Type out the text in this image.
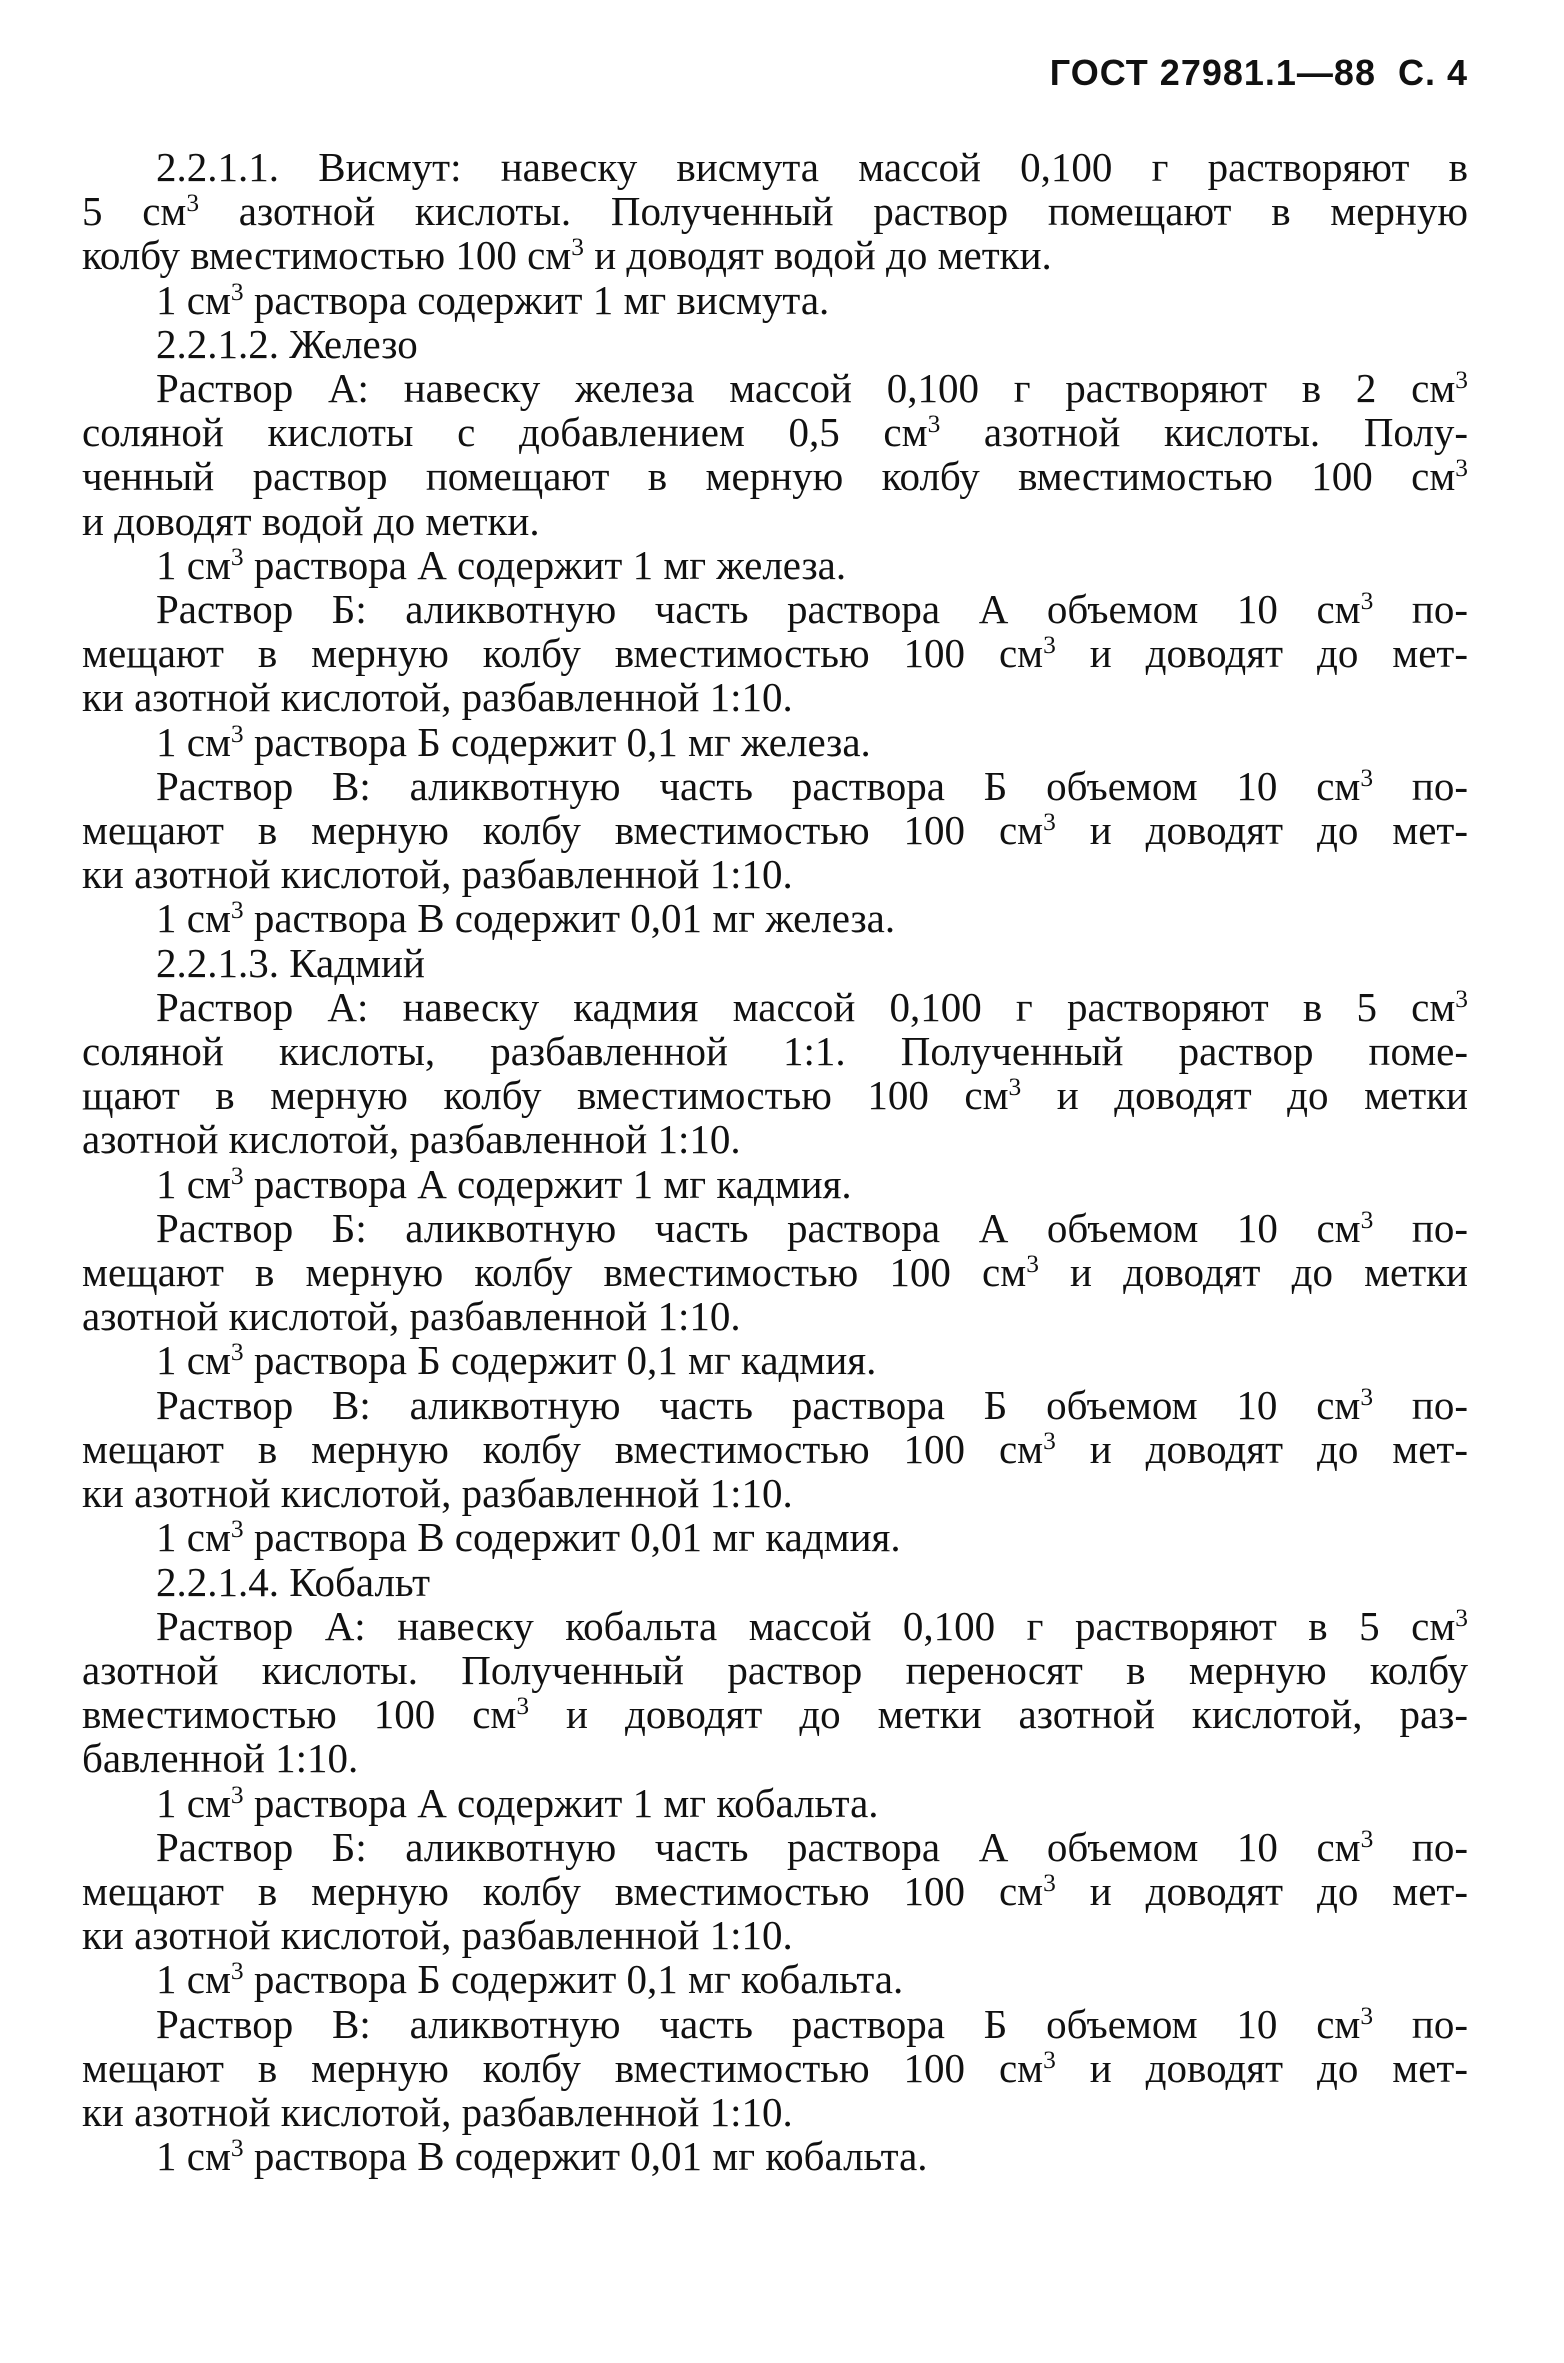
ГОСТ 27981.1—88 С. 4
2.2.1.1. Висмут: навеску висмута массой 0,100 г растворяют в
5 $см^3$ азотной кислоты. Полученный раствор помещают в мерную
колбу вместимостью 100 $см^3$ и доводят водой до метки.
1 $см^3$ раствора содержит 1 мг висмута.
2.2.1.2. Железо
Раствор А: навеску железа массой 0,100 г растворяют в 2 $см^3$
соляной кислоты с добавлением 0,5 $см^3$ азотной кислоты. Полу-
ченный раствор помещают в мерную колбу вместимостью 100 $см^3$
и доводят водой до метки.
1 $см^3$ раствора А содержит 1 мг железа.
Раствор Б: аликвотную часть раствора А объемом 10 $см^3$ по-
мещают в мерную колбу вместимостью 100 $см^3$ и доводят до мет-
ки азотной кислотой, разбавленной 1:10.
1 $см^3$ раствора Б содержит 0,1 мг железа.
Раствор В: аликвотную часть раствора Б объемом 10 $см^3$ по-
мещают в мерную колбу вместимостью 100 $см^3$ и доводят до мет-
ки азотной кислотой, разбавленной 1:10.
1 $см^3$ раствора В содержит 0,01 мг железа.
2.2.1.3. Кадмий
Раствор А: навеску кадмия массой 0,100 г растворяют в 5 $см^3$
соляной кислоты, разбавленной 1:1. Полученный раствор поме-
щают в мерную колбу вместимостью 100 $см^3$ и доводят до метки
азотной кислотой, разбавленной 1:10.
1 $см^3$ раствора А содержит 1 мг кадмия.
Раствор Б: аликвотную часть раствора А объемом 10 $см^3$ по-
мещают в мерную колбу вместимостью 100 $см^3$ и доводят до метки
азотной кислотой, разбавленной 1:10.
1 $см^3$ раствора Б содержит 0,1 мг кадмия.
Раствор В: аликвотную часть раствора Б объемом 10 $см^3$ по-
мещают в мерную колбу вместимостью 100 $см^3$ и доводят до мет-
ки азотной кислотой, разбавленной 1:10.
1 $см^3$ раствора В содержит 0,01 мг кадмия.
2.2.1.4. Кобальт
Раствор А: навеску кобальта массой 0,100 г растворяют в 5 $см^3$
азотной кислоты. Полученный раствор переносят в мерную колбу
вместимостью 100 $см^3$ и доводят до метки азотной кислотой, раз-
бавленной 1:10.
1 $см^3$ раствора А содержит 1 мг кобальта.
Раствор Б: аликвотную часть раствора А объемом 10 $см^3$ по-
мещают в мерную колбу вместимостью 100 $см^3$ и доводят до мет-
ки азотной кислотой, разбавленной 1:10.
1 $см^3$ раствора Б содержит 0,1 мг кобальта.
Раствор В: аликвотную часть раствора Б объемом 10 $см^3$ по-
мещают в мерную колбу вместимостью 100 $см^3$ и доводят до мет-
ки азотной кислотой, разбавленной 1:10.
1 $см^3$ раствора В содержит 0,01 мг кобальта.
